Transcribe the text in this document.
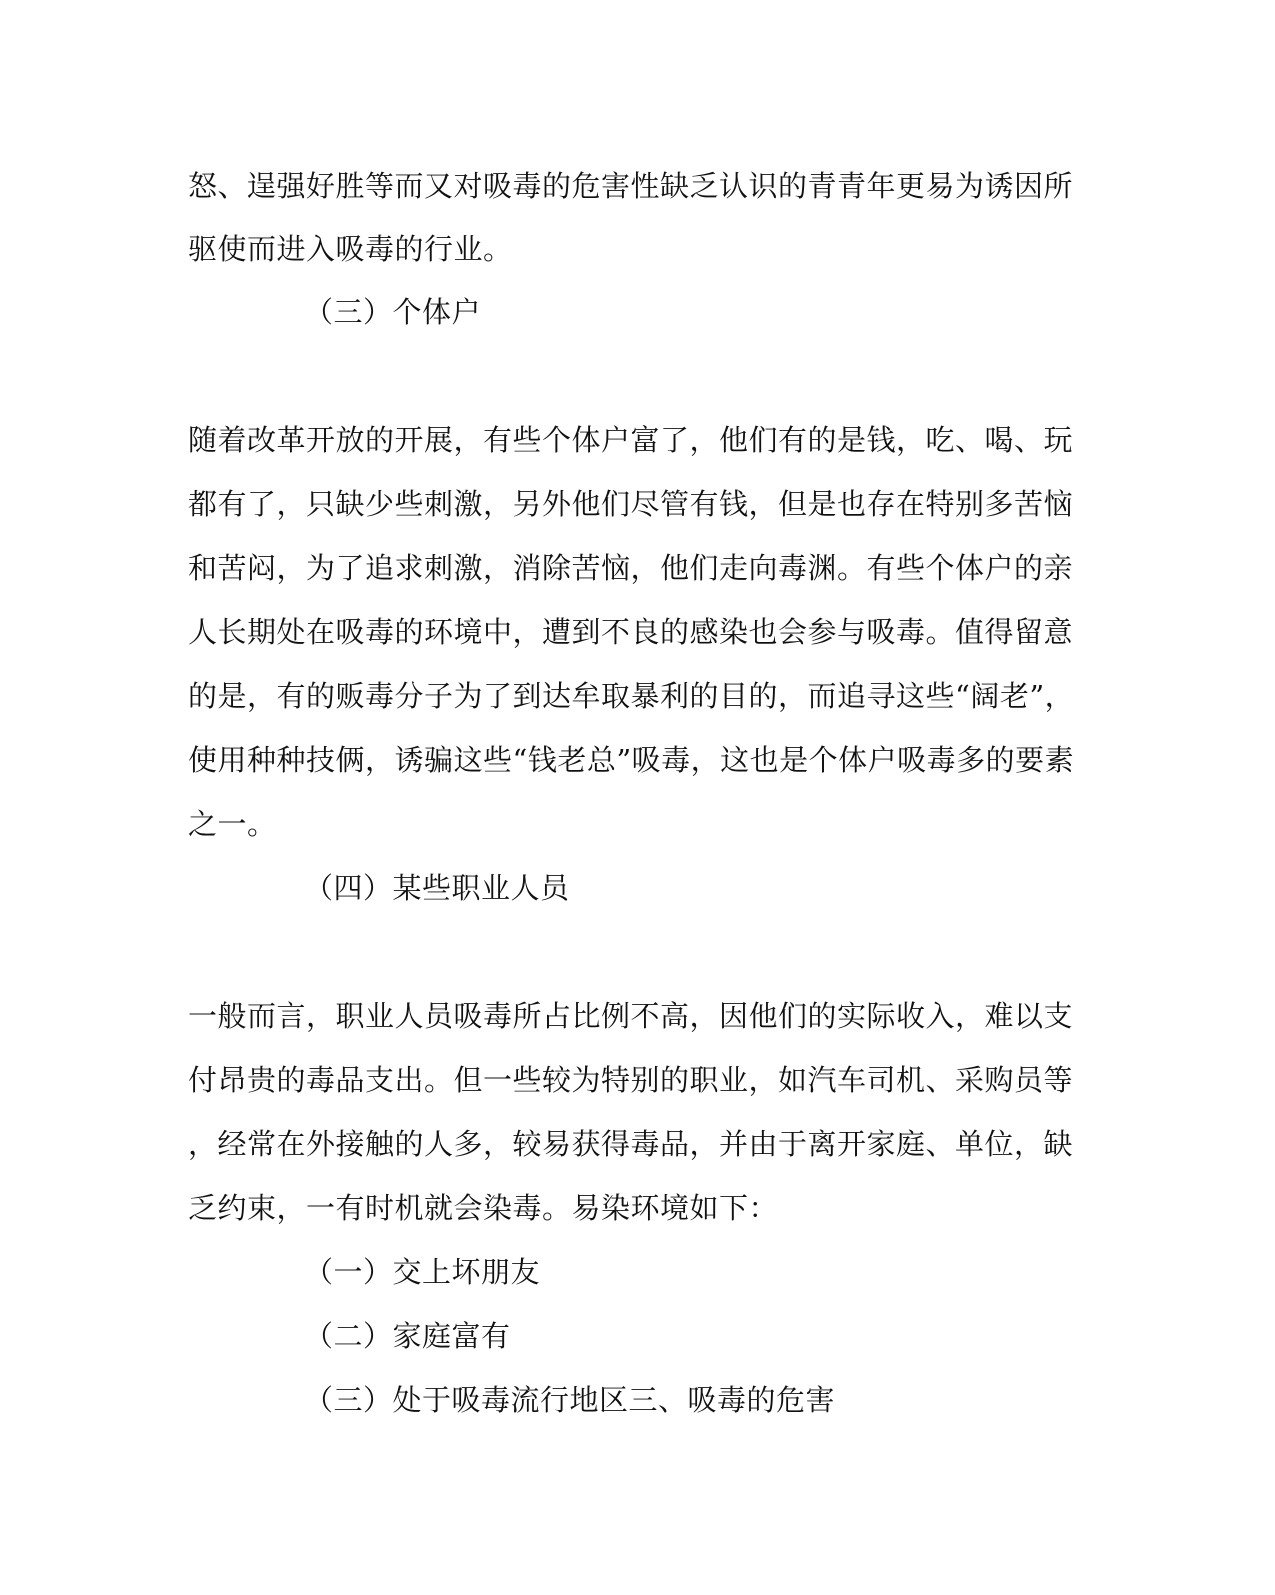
怒、逞强好胜等而又对吸毒的危害性缺乏认识的青青年更易为诱因所
驱使而进入吸毒的行业。
（三）个体户
随着改革开放的开展，有些个体户富了，他们有的是钱，吃、喝、玩
都有了，只缺少些刺激，另外他们尽管有钱，但是也存在特别多苦恼
和苦闷，为了追求刺激，消除苦恼，他们走向毒渊。有些个体户的亲
人长期处在吸毒的环境中，遭到不良的感染也会参与吸毒。值得留意
的是，有的贩毒分子为了到达牟取暴利的目的，而追寻这些“阔老”，
使用种种技俩，诱骗这些“钱老总”吸毒，这也是个体户吸毒多的要素
之一。
（四）某些职业人员
一般而言，职业人员吸毒所占比例不高，因他们的实际收入，难以支
付昂贵的毒品支出。但一些较为特别的职业，如汽车司机、采购员等
，经常在外接触的人多，较易获得毒品，并由于离开家庭、单位，缺
乏约束，一有时机就会染毒。易染环境如下：
（一）交上坏朋友
（二）家庭富有
（三）处于吸毒流行地区三、吸毒的危害
